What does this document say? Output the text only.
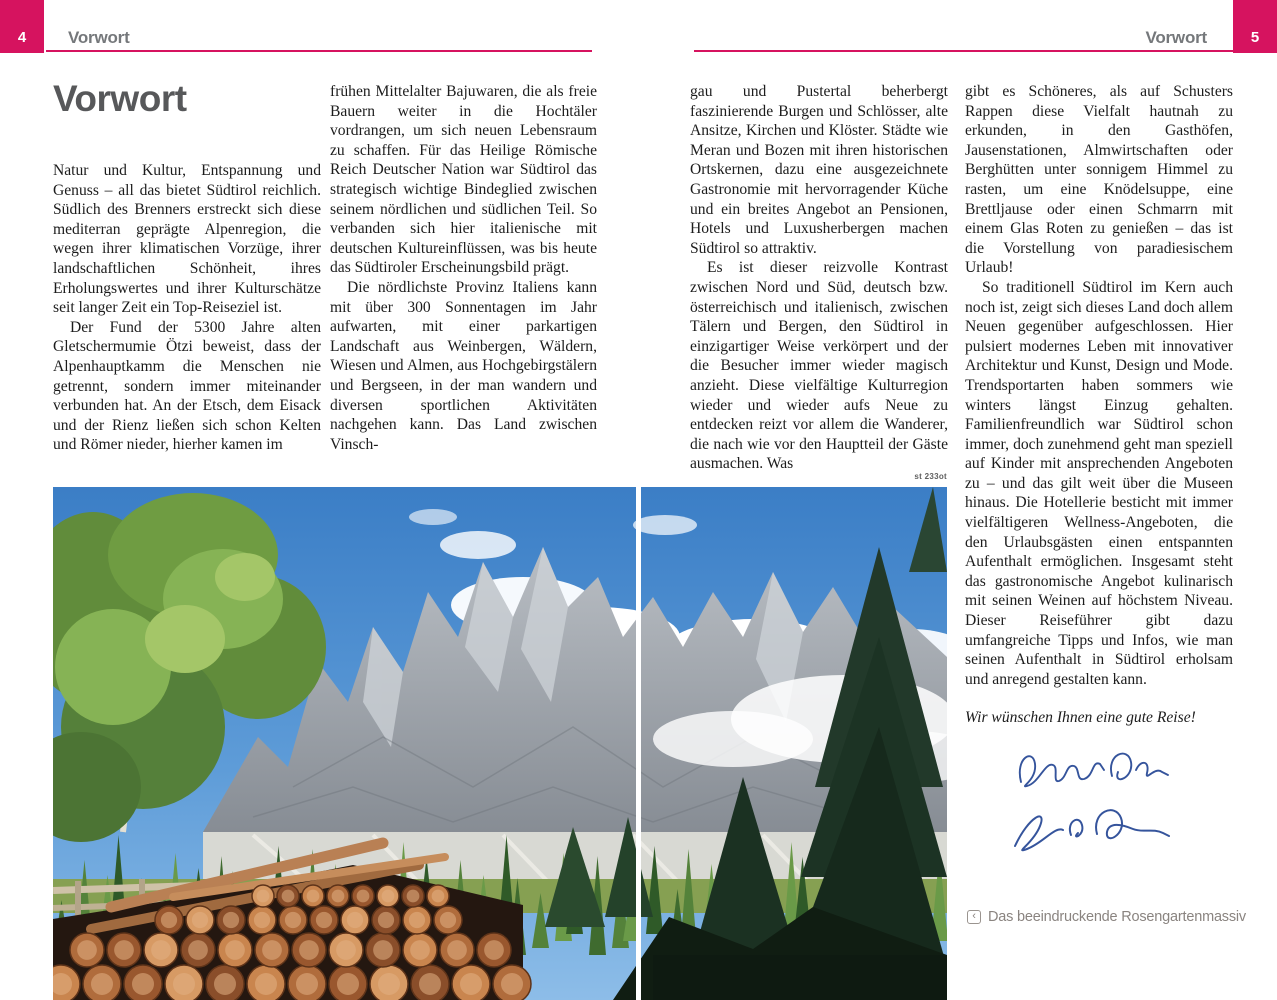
4 Vorwort	Vorwort	5
Vorwort

Natur und Kultur, Entspannung und Genuss – all das bietet Südtirol reichlich. Südlich des Brenners erstreckt sich diese mediterran geprägte Alpenregion, die wegen ihrer klimatischen Vorzüge, ihrer landschaftlichen Schönheit, ihres Erholungswertes und ihrer Kulturschätze seit langer Zeit ein Top-Reiseziel ist.

Der Fund der 5300 Jahre alten Gletschermumie Ötzi beweist, dass der Alpenhauptkamm die Menschen nie getrennt, sondern immer miteinander verbunden hat. An der Etsch, dem Eisack und der Rienz ließen sich schon Kelten und Römer nieder, hierher kamen im

frühen Mittelalter Bajuwaren, die als freie Bauern weiter in die Hochtäler vordrangen, um sich neuen Lebensraum zu schaffen. Für das Heilige Römische Reich Deutscher Nation war Südtirol das strategisch wichtige Bindeglied zwischen seinem nördlichen und südlichen Teil. So verbanden sich hier italienische mit deutschen Kultureinflüssen, was bis heute das Südtiroler Erscheinungsbild prägt.

Die nördlichste Provinz Italiens kann mit über 300 Sonnentagen im Jahr aufwarten, mit einer parkartigen Landschaft aus Weinbergen, Wäldern, Wiesen und Almen, aus Hochgebirgstälern und Bergseen, in der man wandern und diversen sportlichen Aktivitäten nachgehen kann. Das Land zwischen Vinsch-

gau und Pustertal beherbergt faszinierende Burgen und Schlösser, alte Ansitze, Kirchen und Klöster. Städte wie Meran und Bozen mit ihren historischen Ortskernen, dazu eine ausgezeichnete Gastronomie mit hervorragender Küche und ein breites Angebot an Pensionen, Hotels und Luxusherbergen machen Südtirol so attraktiv.

Es ist dieser reizvolle Kontrast zwischen Nord und Süd, deutsch bzw. österreichisch und italienisch, zwischen Tälern und Bergen, den Südtirol in einzigartiger Weise verkörpert und der die Besucher immer wieder magisch anzieht. Diese vielfältige Kulturregion wieder und wieder aufs Neue zu entdecken reizt vor allem die Wanderer, die nach wie vor den Hauptteil der Gäste ausmachen. Was

gibt es Schöneres, als auf Schusters Rappen diese Vielfalt hautnah zu erkunden, in den Gasthöfen, Jausenstationen, Almwirtschaften oder Berghütten unter sonnigem Himmel zu rasten, um eine Knödelsuppe, eine Brettljause oder einen Schmarrn mit einem Glas Roten zu genießen – das ist die Vorstellung von paradiesischem Urlaub!

So traditionell Südtirol im Kern auch noch ist, zeigt sich dieses Land doch allem Neuen gegenüber aufgeschlossen. Hier pulsiert modernes Leben mit innovativer Architektur und Kunst, Design und Mode. Trendsportarten haben sommers wie winters längst Einzug gehalten. Familienfreundlich war Südtirol schon immer, doch zunehmend geht man speziell auf Kinder mit ansprechenden Angeboten zu – und das gilt weit über die Museen hinaus. Die Hotellerie besticht mit immer vielfältigeren Wellness-Angeboten, die den Urlaubsgästen einen entspannten Aufenthalt ermöglichen. Insgesamt steht das gastronomische Angebot kulinarisch mit seinen Weinen auf höchstem Niveau. Dieser Reiseführer gibt dazu umfangreiche Tipps und Infos, wie man seinen Aufenthalt in Südtirol erholsam und anregend gestalten kann.

Wir wünschen Ihnen eine gute Reise!

st 233ot
‹ Das beeindruckende Rosengartenmassiv
